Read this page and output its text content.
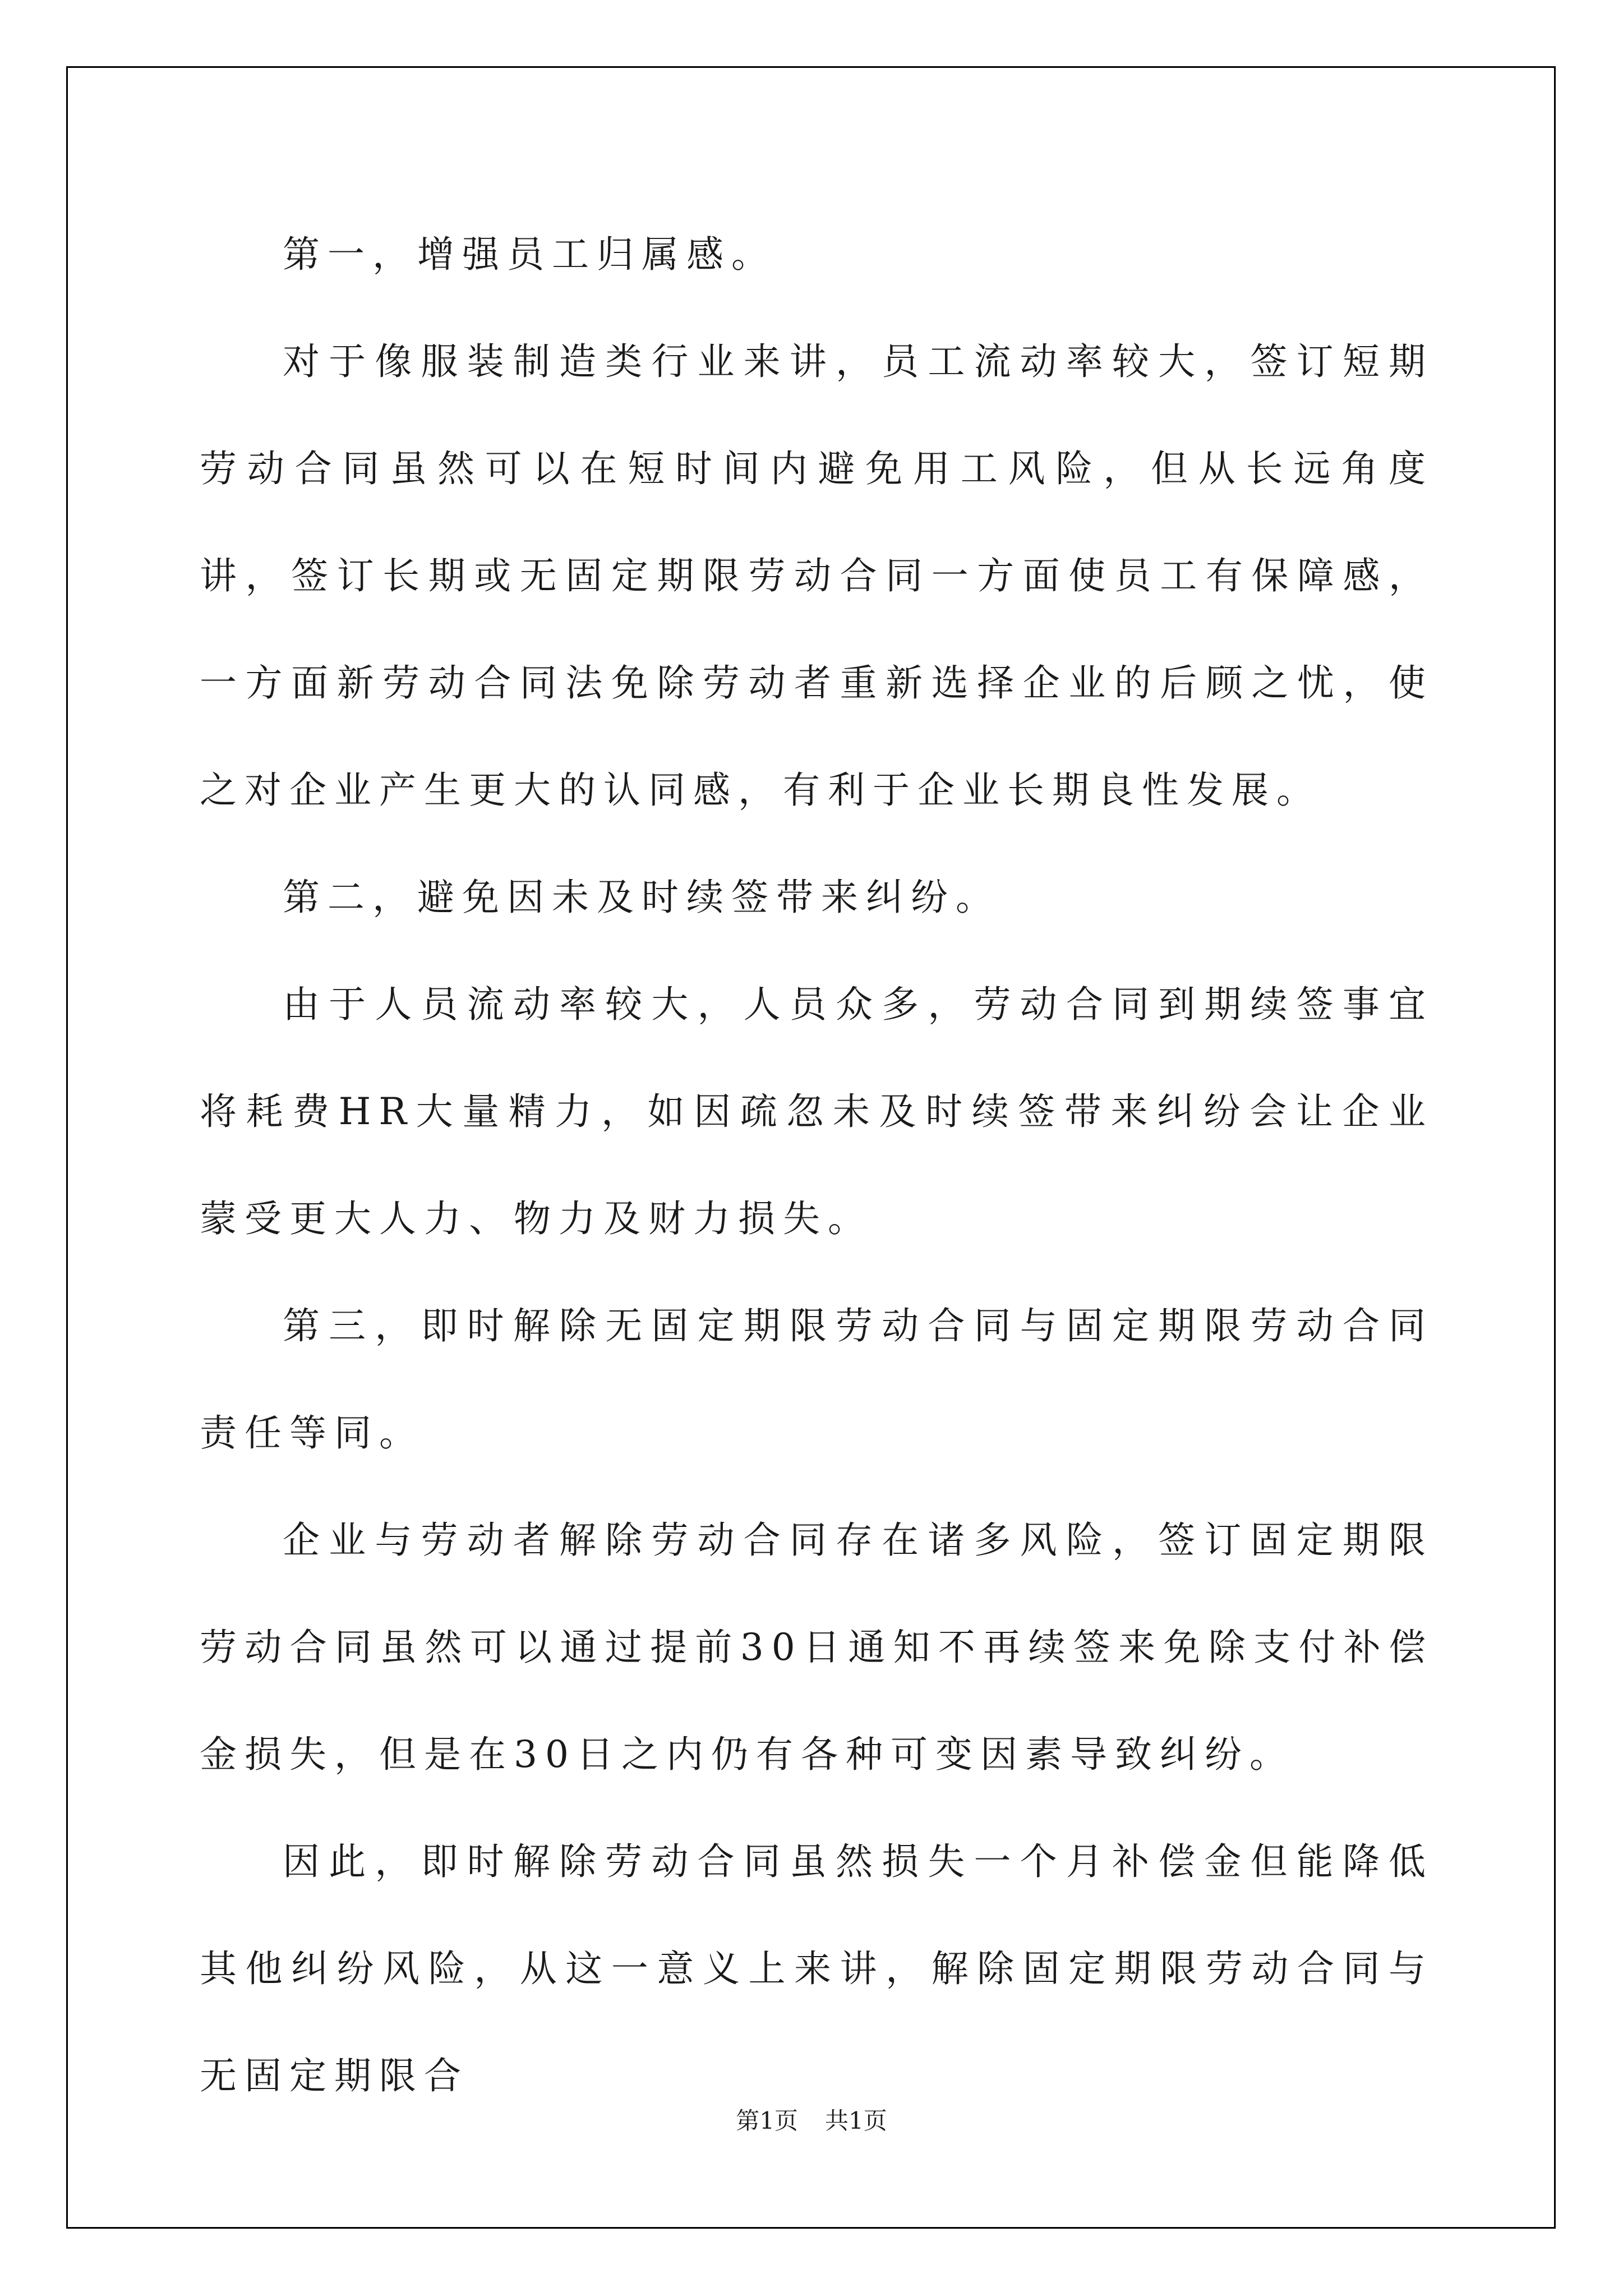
第一，增强员工归属感。

对于像服装制造类行业来讲，员工流动率较大，签订短期劳动合同虽然可以在短时间内避免用工风险，但从长远角度讲，签订长期或无固定期限劳动合同一方面使员工有保障感，一方面新劳动合同法免除劳动者重新选择企业的后顾之忧，使之对企业产生更大的认同感，有利于企业长期良性发展。

第二，避免因未及时续签带来纠纷。

由于人员流动率较大，人员众多，劳动合同到期续签事宜将耗费HR大量精力，如因疏忽未及时续签带来纠纷会让企业蒙受更大人力、物力及财力损失。

第三，即时解除无固定期限劳动合同与固定期限劳动合同责任等同。

企业与劳动者解除劳动合同存在诸多风险，签订固定期限劳动合同虽然可以通过提前30日通知不再续签来免除支付补偿金损失，但是在30日之内仍有各种可变因素导致纠纷。

因此，即时解除劳动合同虽然损失一个月补偿金但能降低其他纠纷风险，从这一意义上来讲，解除固定期限劳动合同与无固定期限合

第1页 共1页
